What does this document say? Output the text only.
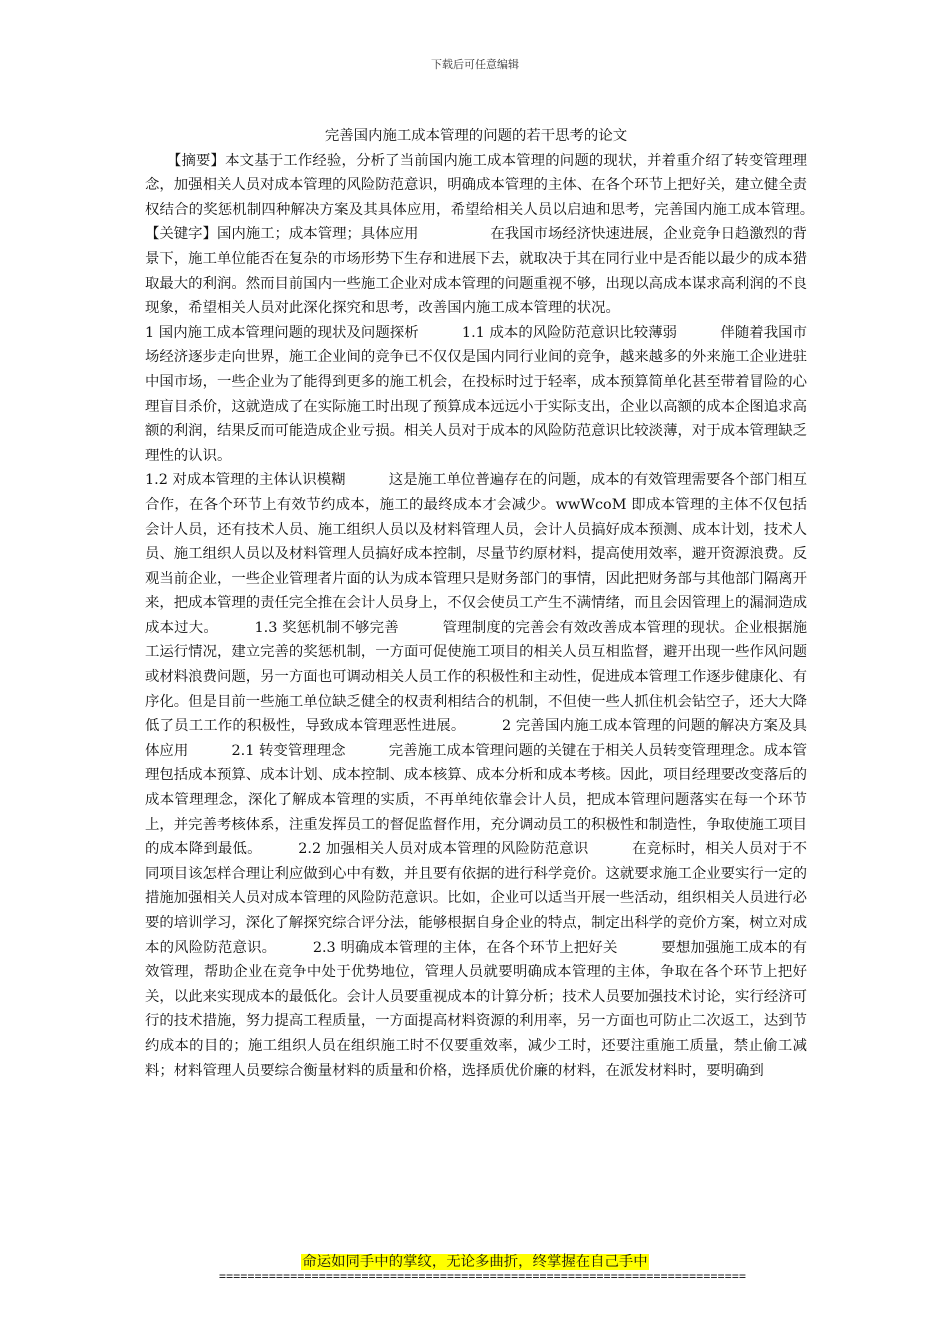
下载后可任意编辑

完善国内施工成本管理的问题的若干思考的论文

　　【摘要】本文基于工作经验，分析了当前国内施工成本管理的问题的现状，并着重介绍了转变管理理念，加强相关人员对成本管理的风险防范意识，明确成本管理的主体、在各个环节上把好关，建立健全责权结合的奖惩机制四种解决方案及其具体应用，希望给相关人员以启迪和思考，完善国内施工成本管理。　　　【关键字】国内施工；成本管理；具体应用　　　　　在我国市场经济快速进展，企业竞争日趋激烈的背景下，施工单位能否在复杂的市场形势下生存和进展下去，就取决于其在同行业中是否能以最少的成本猎取最大的利润。然而目前国内一些施工企业对成本管理的问题重视不够，出现以高成本谋求高利润的不良现象，希望相关人员对此深化探究和思考，改善国内施工成本管理的状况。

1 国内施工成本管理问题的现状及问题探析　　　1.1 成本的风险防范意识比较薄弱　　　伴随着我国市场经济逐步走向世界，施工企业间的竞争已不仅仅是国内同行业间的竞争，越来越多的外来施工企业进驻中国市场，一些企业为了能得到更多的施工机会，在投标时过于轻率，成本预算简单化甚至带着冒险的心理盲目杀价，这就造成了在实际施工时出现了预算成本远远小于实际支出，企业以高额的成本企图追求高额的利润，结果反而可能造成企业亏损。相关人员对于成本的风险防范意识比较淡薄，对于成本管理缺乏理性的认识。

1.2 对成本管理的主体认识模糊　　　这是施工单位普遍存在的问题，成本的有效管理需要各个部门相互合作，在各个环节上有效节约成本，施工的最终成本才会减少。wwWcoM 即成本管理的主体不仅包括会计人员，还有技术人员、施工组织人员以及材料管理人员，会计人员搞好成本预测、成本计划，技术人员、施工组织人员以及材料管理人员搞好成本控制，尽量节约原材料，提高使用效率，避开资源浪费。反观当前企业，一些企业管理者片面的认为成本管理只是财务部门的事情，因此把财务部与其他部门隔离开来，把成本管理的责任完全推在会计人员身上，不仅会使员工产生不满情绪，而且会因管理上的漏洞造成成本过大。　　　1.3 奖惩机制不够完善　　　管理制度的完善会有效改善成本管理的现状。企业根据施工运行情况，建立完善的奖惩机制，一方面可促使施工项目的相关人员互相监督，避开出现一些作风问题或材料浪费问题，另一方面也可调动相关人员工作的积极性和主动性，促进成本管理工作逐步健康化、有序化。但是目前一些施工单位缺乏健全的权责利相结合的机制，不但使一些人抓住机会钻空子，还大大降低了员工工作的积极性，导致成本管理恶性进展。　　　2 完善国内施工成本管理的问题的解决方案及具体应用　　　2.1 转变管理理念　　　完善施工成本管理问题的关键在于相关人员转变管理理念。成本管理包括成本预算、成本计划、成本控制、成本核算、成本分析和成本考核。因此，项目经理要改变落后的成本管理理念，深化了解成本管理的实质，不再单纯依靠会计人员，把成本管理问题落实在每一个环节上，并完善考核体系，注重发挥员工的督促监督作用，充分调动员工的积极性和制造性，争取使施工项目的成本降到最低。　　　2.2 加强相关人员对成本管理的风险防范意识　　　在竞标时，相关人员对于不同项目该怎样合理让利应做到心中有数，并且要有依据的进行科学竞价。这就要求施工企业要实行一定的措施加强相关人员对成本管理的风险防范意识。比如，企业可以适当开展一些活动，组织相关人员进行必要的培训学习，深化了解探究综合评分法，能够根据自身企业的特点，制定出科学的竞价方案，树立对成本的风险防范意识。　　　2.3 明确成本管理的主体，在各个环节上把好关　　　要想加强施工成本的有效管理，帮助企业在竞争中处于优势地位，管理人员就要明确成本管理的主体，争取在各个环节上把好关，以此来实现成本的最低化。会计人员要重视成本的计算分析；技术人员要加强技术讨论，实行经济可行的技术措施，努力提高工程质量，一方面提高材料资源的利用率，另一方面也可防止二次返工，达到节约成本的目的；施工组织人员在组织施工时不仅要重效率，减少工时，还要注重施工质量，禁止偷工减料；材料管理人员要综合衡量材料的质量和价格，选择质优价廉的材料，在派发材料时，要明确到

命运如同手中的掌纹，无论多曲折，终掌握在自己手中
==========================================================================
